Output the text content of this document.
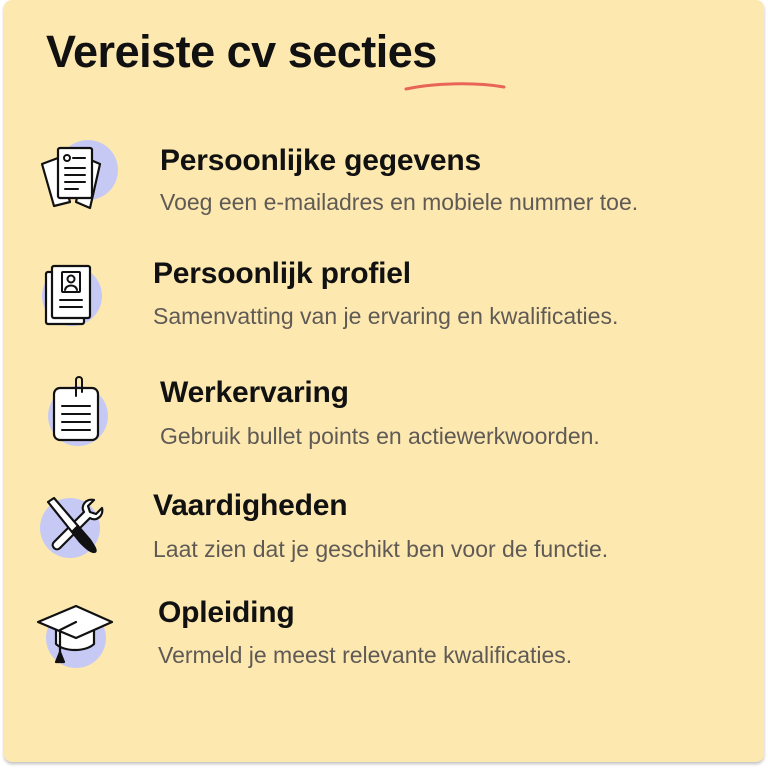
Vereiste cv secties
Persoonlijke gegevens
Voeg een e-mailadres en mobiele nummer toe.
Persoonlijk profiel
Samenvatting van je ervaring en kwalificaties.
Werkervaring
Gebruik bullet points en actiewerkwoorden.
Vaardigheden
Laat zien dat je geschikt ben voor de functie.
Opleiding
Vermeld je meest relevante kwalificaties.
